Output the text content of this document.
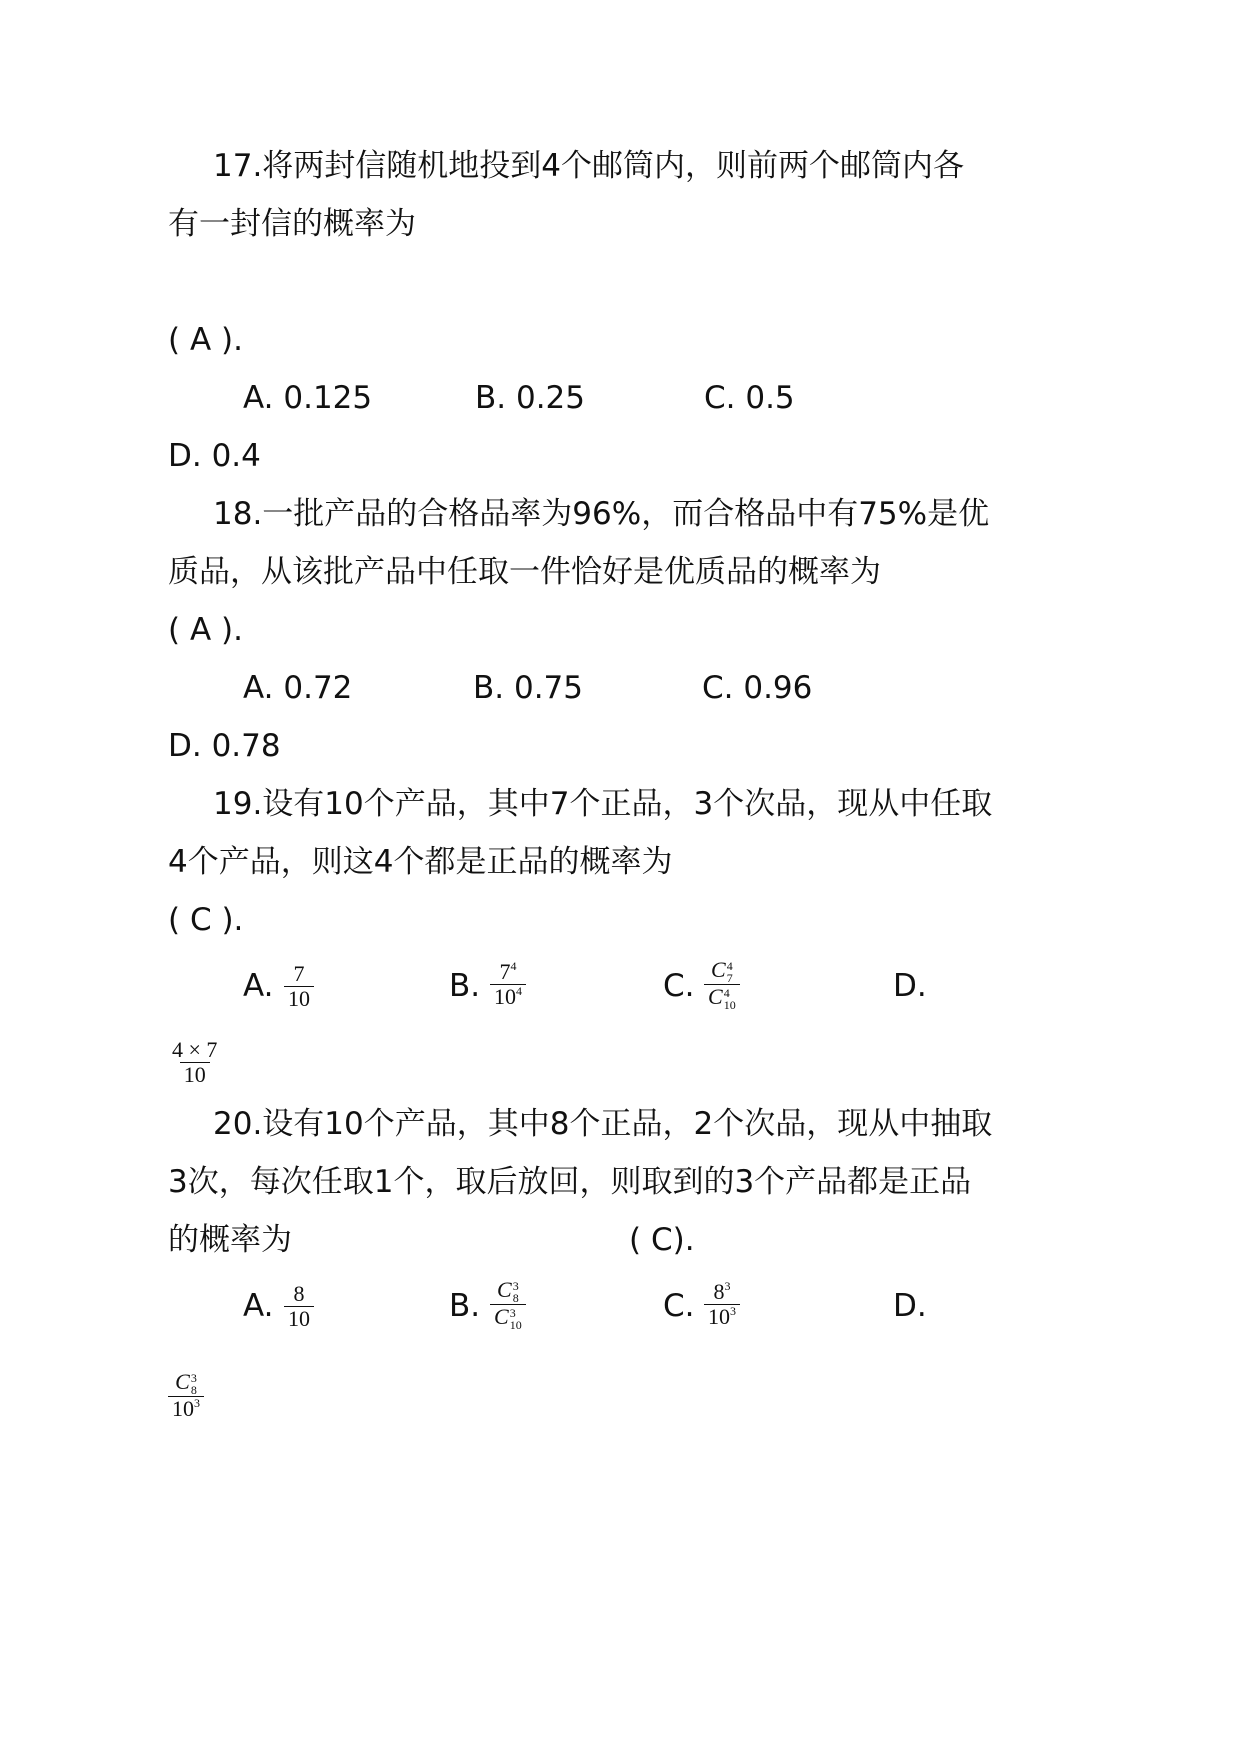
17.将两封信随机地投到4个邮筒内，则前两个邮筒内各
有一封信的概率为
( A ).
A. 0.125	B. 0.25	C. 0.5
D. 0.4
18.一批产品的合格品率为96%，而合格品中有75%是优
质品，从该批产品中任取一件恰好是优质品的概率为
( A ).
A. 0.72	B. 0.75	C. 0.96
D. 0.78
19.设有10个产品，其中7个正品，3个次品，现从中任取
4个产品，则这4个都是正品的概率为
( C ).
A. $\frac{7}{10}$	B. $\frac{7^4}{10^4}$	C. C 4
7
C 4
10	D.
$\frac{4 \times 7}{10}$
20.设有10个产品，其中8个正品，2个次品，现从中抽取
3次，每次任取1个，取后放回，则取到的3个产品都是正品
的概率为	( C).
A. $\frac{8}{10}$	B. C 3
8
C 3
10	C. $\frac{8^3}{10^3}$	D.
C 3
8
$10^3$
